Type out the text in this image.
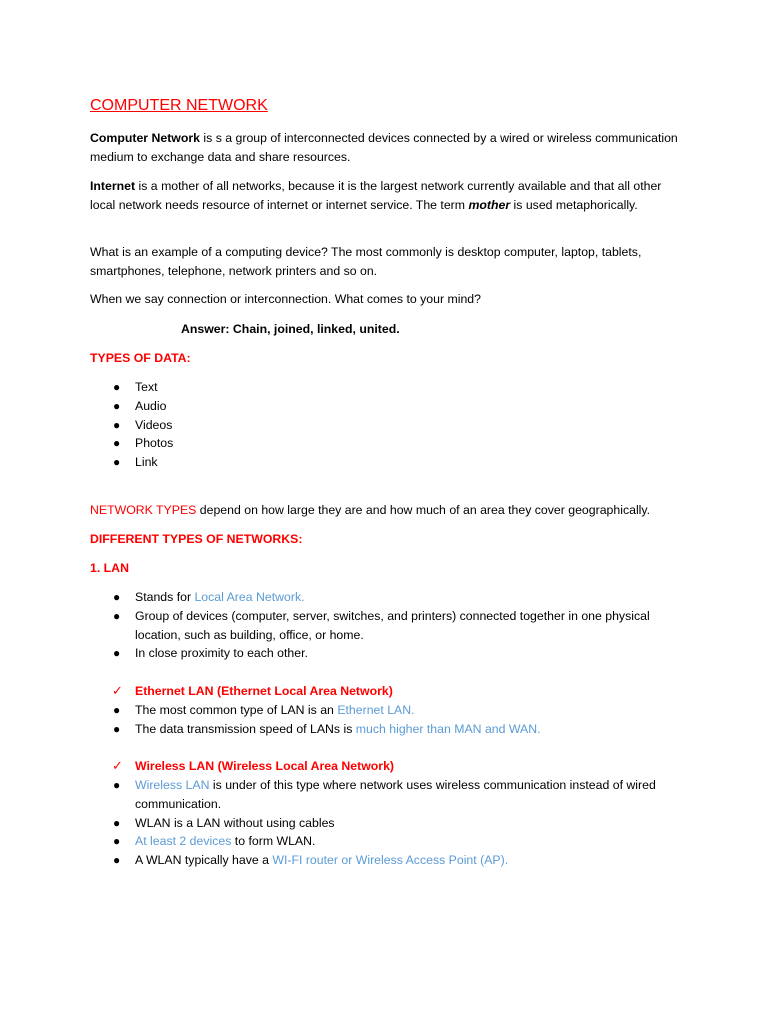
COMPUTER NETWORK

Computer Network is s a group of interconnected devices connected by a wired or wireless communication medium to exchange data and share resources.

Internet is a mother of all networks, because it is the largest network currently available and that all other local network needs resource of internet or internet service. The term mother is used metaphorically.

What is an example of a computing device? The most commonly is desktop computer, laptop, tablets, smartphones, telephone, network printers and so on.

When we say connection or interconnection. What comes to your mind?

Answer: Chain, joined, linked, united.

TYPES OF DATA:

● Text
● Audio
● Videos
● Photos
● Link

NETWORK TYPES depend on how large they are and how much of an area they cover geographically.

DIFFERENT TYPES OF NETWORKS:

1. LAN

● Stands for Local Area Network.
● Group of devices (computer, server, switches, and printers) connected together in one physical location, such as building, office, or home.
● In close proximity to each other.
✓ Ethernet LAN (Ethernet Local Area Network)

● The most common type of LAN is an Ethernet LAN.
● The data transmission speed of LANs is much higher than MAN and WAN.
✓ Wireless LAN (Wireless Local Area Network)

● Wireless LAN is under of this type where network uses wireless communication instead of wired communication.
● WLAN is a LAN without using cables
● At least 2 devices to form WLAN.
● A WLAN typically have a WI-FI router or Wireless Access Point (AP).
